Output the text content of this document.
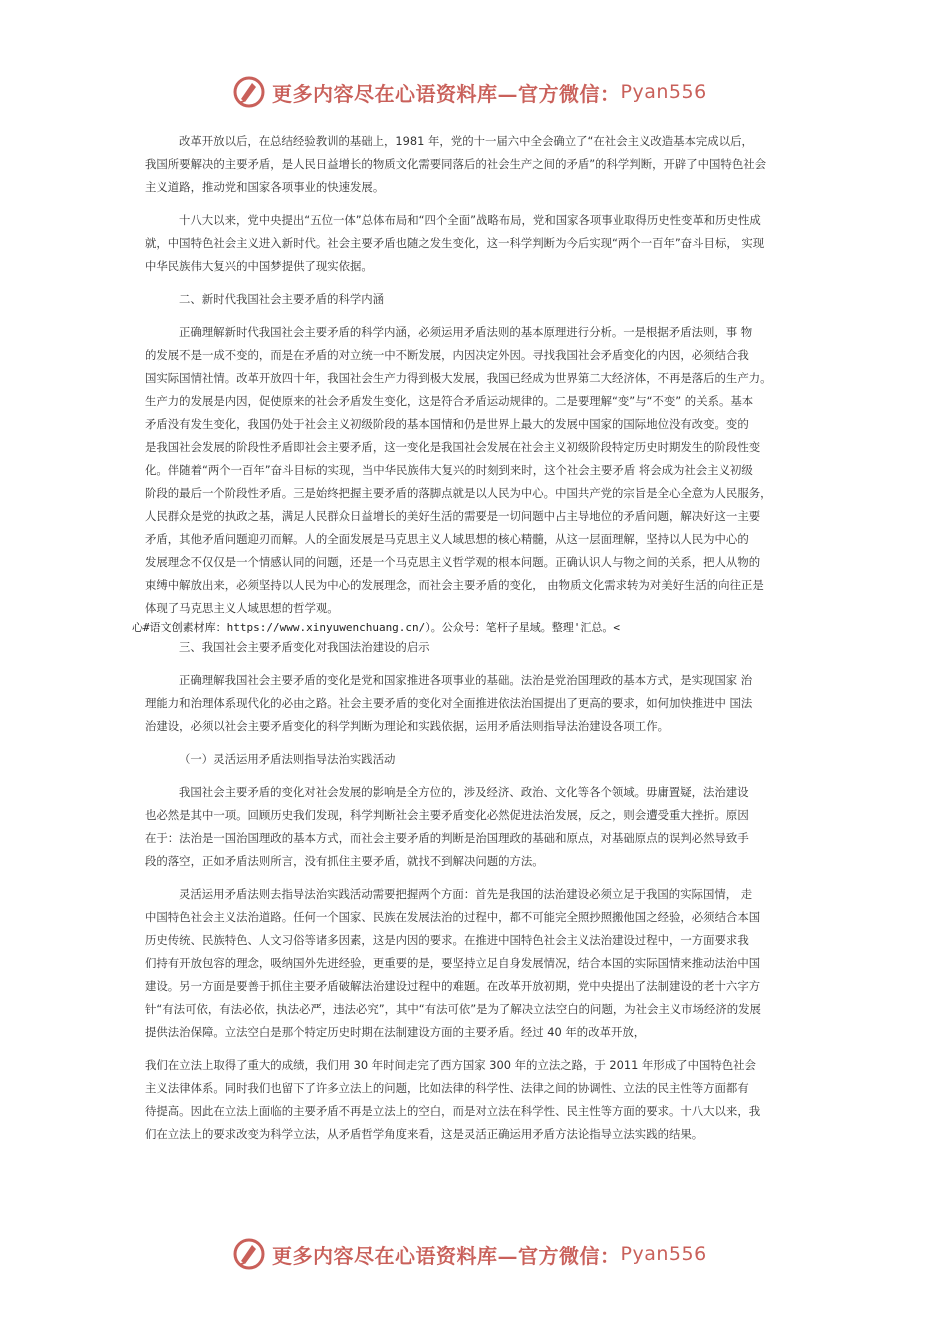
更多内容尽在心语资料库—官方微信： Pyan556
改革开放以后，在总结经验教训的基础上，1981 年，党的十一届六中全会确立了“在社会主义改造基本完成以后，
我国所要解决的主要矛盾，是人民日益增长的物质文化需要同落后的社会生产之间的矛盾”的科学判断，开辟了中国特色社会
主义道路，推动党和国家各项事业的快速发展。
十八大以来，党中央提出“五位一体”总体布局和“四个全面”战略布局，党和国家各项事业取得历史性变革和历史性成
就，中国特色社会主义进入新时代。社会主要矛盾也随之发生变化，这一科学判断为今后实现“两个一百年”奋斗目标， 实现
中华民族伟大复兴的中国梦提供了现实依据。
二、新时代我国社会主要矛盾的科学内涵
正确理解新时代我国社会主要矛盾的科学内涵，必须运用矛盾法则的基本原理进行分析。一是根据矛盾法则，事 物
的发展不是一成不变的，而是在矛盾的对立统一中不断发展，内因决定外因。寻找我国社会矛盾变化的内因，必须结合我
国实际国情社情。改革开放四十年，我国社会生产力得到极大发展，我国已经成为世界第二大经济体，不再是落后的生产力。
生产力的发展是内因，促使原来的社会矛盾发生变化，这是符合矛盾运动规律的。二是要理解“变”与“不变” 的关系。基本
矛盾没有发生变化，我国仍处于社会主义初级阶段的基本国情和仍是世界上最大的发展中国家的国际地位没有改变。变的
是我国社会发展的阶段性矛盾即社会主要矛盾，这一变化是我国社会发展在社会主义初级阶段特定历史时期发生的阶段性变
化。伴随着“两个一百年”奋斗目标的实现，当中华民族伟大复兴的时刻到来时，这个社会主要矛盾 将会成为社会主义初级
阶段的最后一个阶段性矛盾。三是始终把握主要矛盾的落脚点就是以人民为中心。中国共产党的宗旨是全心全意为人民服务，
人民群众是党的执政之基，满足人民群众日益增长的美好生活的需要是一切问题中占主导地位的矛盾问题，解决好这一主要
矛盾，其他矛盾问题迎刃而解。人的全面发展是马克思主义人域思想的核心精髓，从这一层面理解，坚持以人民为中心的
发展理念不仅仅是一个情感认同的问题，还是一个马克思主义哲学观的根本问题。正确认识人与物之间的关系，把人从物的
束缚中解放出来，必须坚持以人民为中心的发展理念，而社会主要矛盾的变化， 由物质文化需求转为对美好生活的向往正是
体现了马克思主义人域思想的哲学观。
心#语文创素材库：https://www.xinyuwenchuang.cn/）。公众号：笔杆子星域。整理'汇总。<
三、我国社会主要矛盾变化对我国法治建设的启示
正确理解我国社会主要矛盾的变化是党和国家推进各项事业的基础。法治是党治国理政的基本方式，是实现国家 治
理能力和治理体系现代化的必由之路。社会主要矛盾的变化对全面推进依法治国提出了更高的要求，如何加快推进中 国法
治建设，必须以社会主要矛盾变化的科学判断为理论和实践依据，运用矛盾法则指导法治建设各项工作。
（一）灵活运用矛盾法则指导法治实践活动
我国社会主要矛盾的变化对社会发展的影响是全方位的，涉及经济、政治、文化等各个领域。毋庸置疑，法治建设
也必然是其中一项。回顾历史我们发现，科学判断社会主要矛盾变化必然促进法治发展，反之，则会遭受重大挫折。原因
在于：法治是一国治国理政的基本方式，而社会主要矛盾的判断是治国理政的基础和原点，对基础原点的误判必然导致手
段的落空，正如矛盾法则所言，没有抓住主要矛盾，就找不到解决问题的方法。
灵活运用矛盾法则去指导法治实践活动需要把握两个方面：首先是我国的法治建设必须立足于我国的实际国情， 走
中国特色社会主义法治道路。任何一个国家、民族在发展法治的过程中，都不可能完全照抄照搬他国之经验，必须结合本国
历史传统、民族特色、人文习俗等诸多因素，这是内因的要求。在推进中国特色社会主义法治建设过程中，一方面要求我
们持有开放包容的理念，吸纳国外先进经验，更重要的是，要坚持立足自身发展情况，结合本国的实际国情来推动法治中国
建设。另一方面是要善于抓住主要矛盾破解法治建设过程中的难题。在改革开放初期，党中央提出了法制建设的老十六字方
针“有法可依，有法必依，执法必严，违法必究”，其中“有法可依”是为了解决立法空白的问题，为社会主义市场经济的发展
提供法治保障。立法空白是那个特定历史时期在法制建设方面的主要矛盾。经过 40 年的改革开放，
我们在立法上取得了重大的成绩，我们用 30 年时间走完了西方国家 300 年的立法之路，于 2011 年形成了中国特色社会
主义法律体系。同时我们也留下了许多立法上的问题，比如法律的科学性、法律之间的协调性、立法的民主性等方面都有
待提高。因此在立法上面临的主要矛盾不再是立法上的空白，而是对立法在科学性、民主性等方面的要求。十八大以来，我
们在立法上的要求改变为科学立法，从矛盾哲学角度来看，这是灵活正确运用矛盾方法论指导立法实践的结果。
更多内容尽在心语资料库—官方微信： Pyan556
